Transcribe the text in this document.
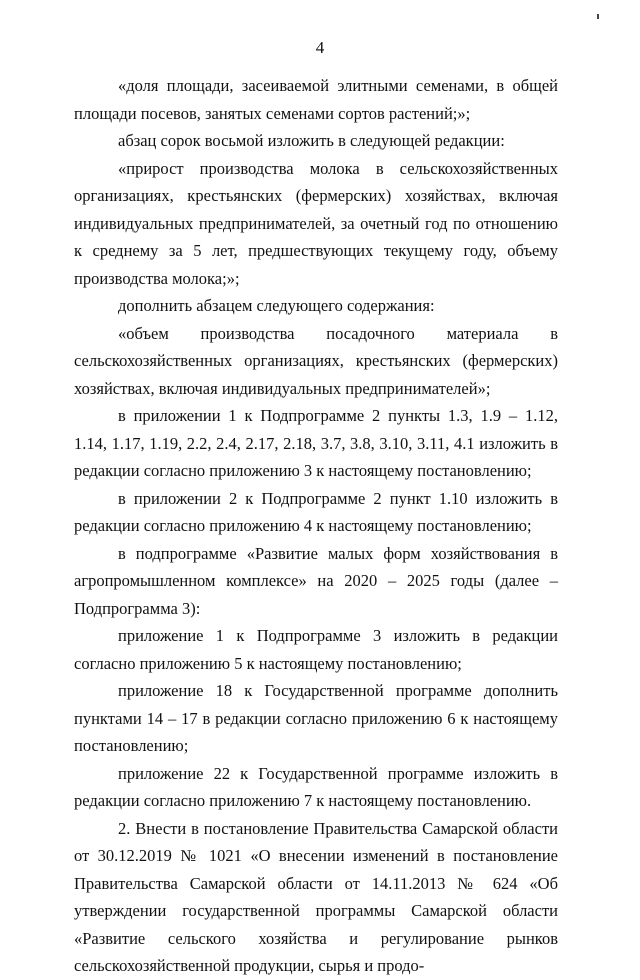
4

«доля площади, засеиваемой элитными семенами, в общей площади посевов, занятых семенами сортов растений;»;

абзац сорок восьмой изложить в следующей редакции:

«прирост производства молока в сельскохозяйственных организациях, крестьянских (фермерских) хозяйствах, включая индивидуальных предпринимателей, за очетный год по отношению к среднему за 5 лет, предшествующих текущему году, объему производства молока;»;

дополнить абзацем следующего содержания:

«объем производства посадочного материала в сельскохозяйственных организациях, крестьянских (фермерских) хозяйствах, включая индивидуальных предпринимателей»;

в приложении 1 к Подпрограмме 2 пункты 1.3, 1.9 – 1.12, 1.14, 1.17, 1.19, 2.2, 2.4, 2.17, 2.18, 3.7, 3.8, 3.10, 3.11, 4.1 изложить в редакции согласно приложению 3 к настоящему постановлению;

в приложении 2 к Подпрограмме 2 пункт 1.10 изложить в редакции согласно приложению 4 к настоящему постановлению;

в подпрограмме «Развитие малых форм хозяйствования в агропромышленном комплексе» на 2020 – 2025 годы (далее – Подпрограмма 3):

приложение 1 к Подпрограмме 3 изложить в редакции согласно приложению 5 к настоящему постановлению;

приложение 18 к Государственной программе дополнить пунктами 14 – 17 в редакции согласно приложению 6 к настоящему постановлению;

приложение 22 к Государственной программе изложить в редакции согласно приложению 7 к настоящему постановлению.

2. Внести в постановление Правительства Самарской области от 30.12.2019 № 1021 «О внесении изменений в постановление Правительства Самарской области от 14.11.2013 № 624 «Об утверждении государственной программы Самарской области «Развитие сельского хозяйства и регулирование рынков сельскохозяйственной продукции, сырья и продо-
